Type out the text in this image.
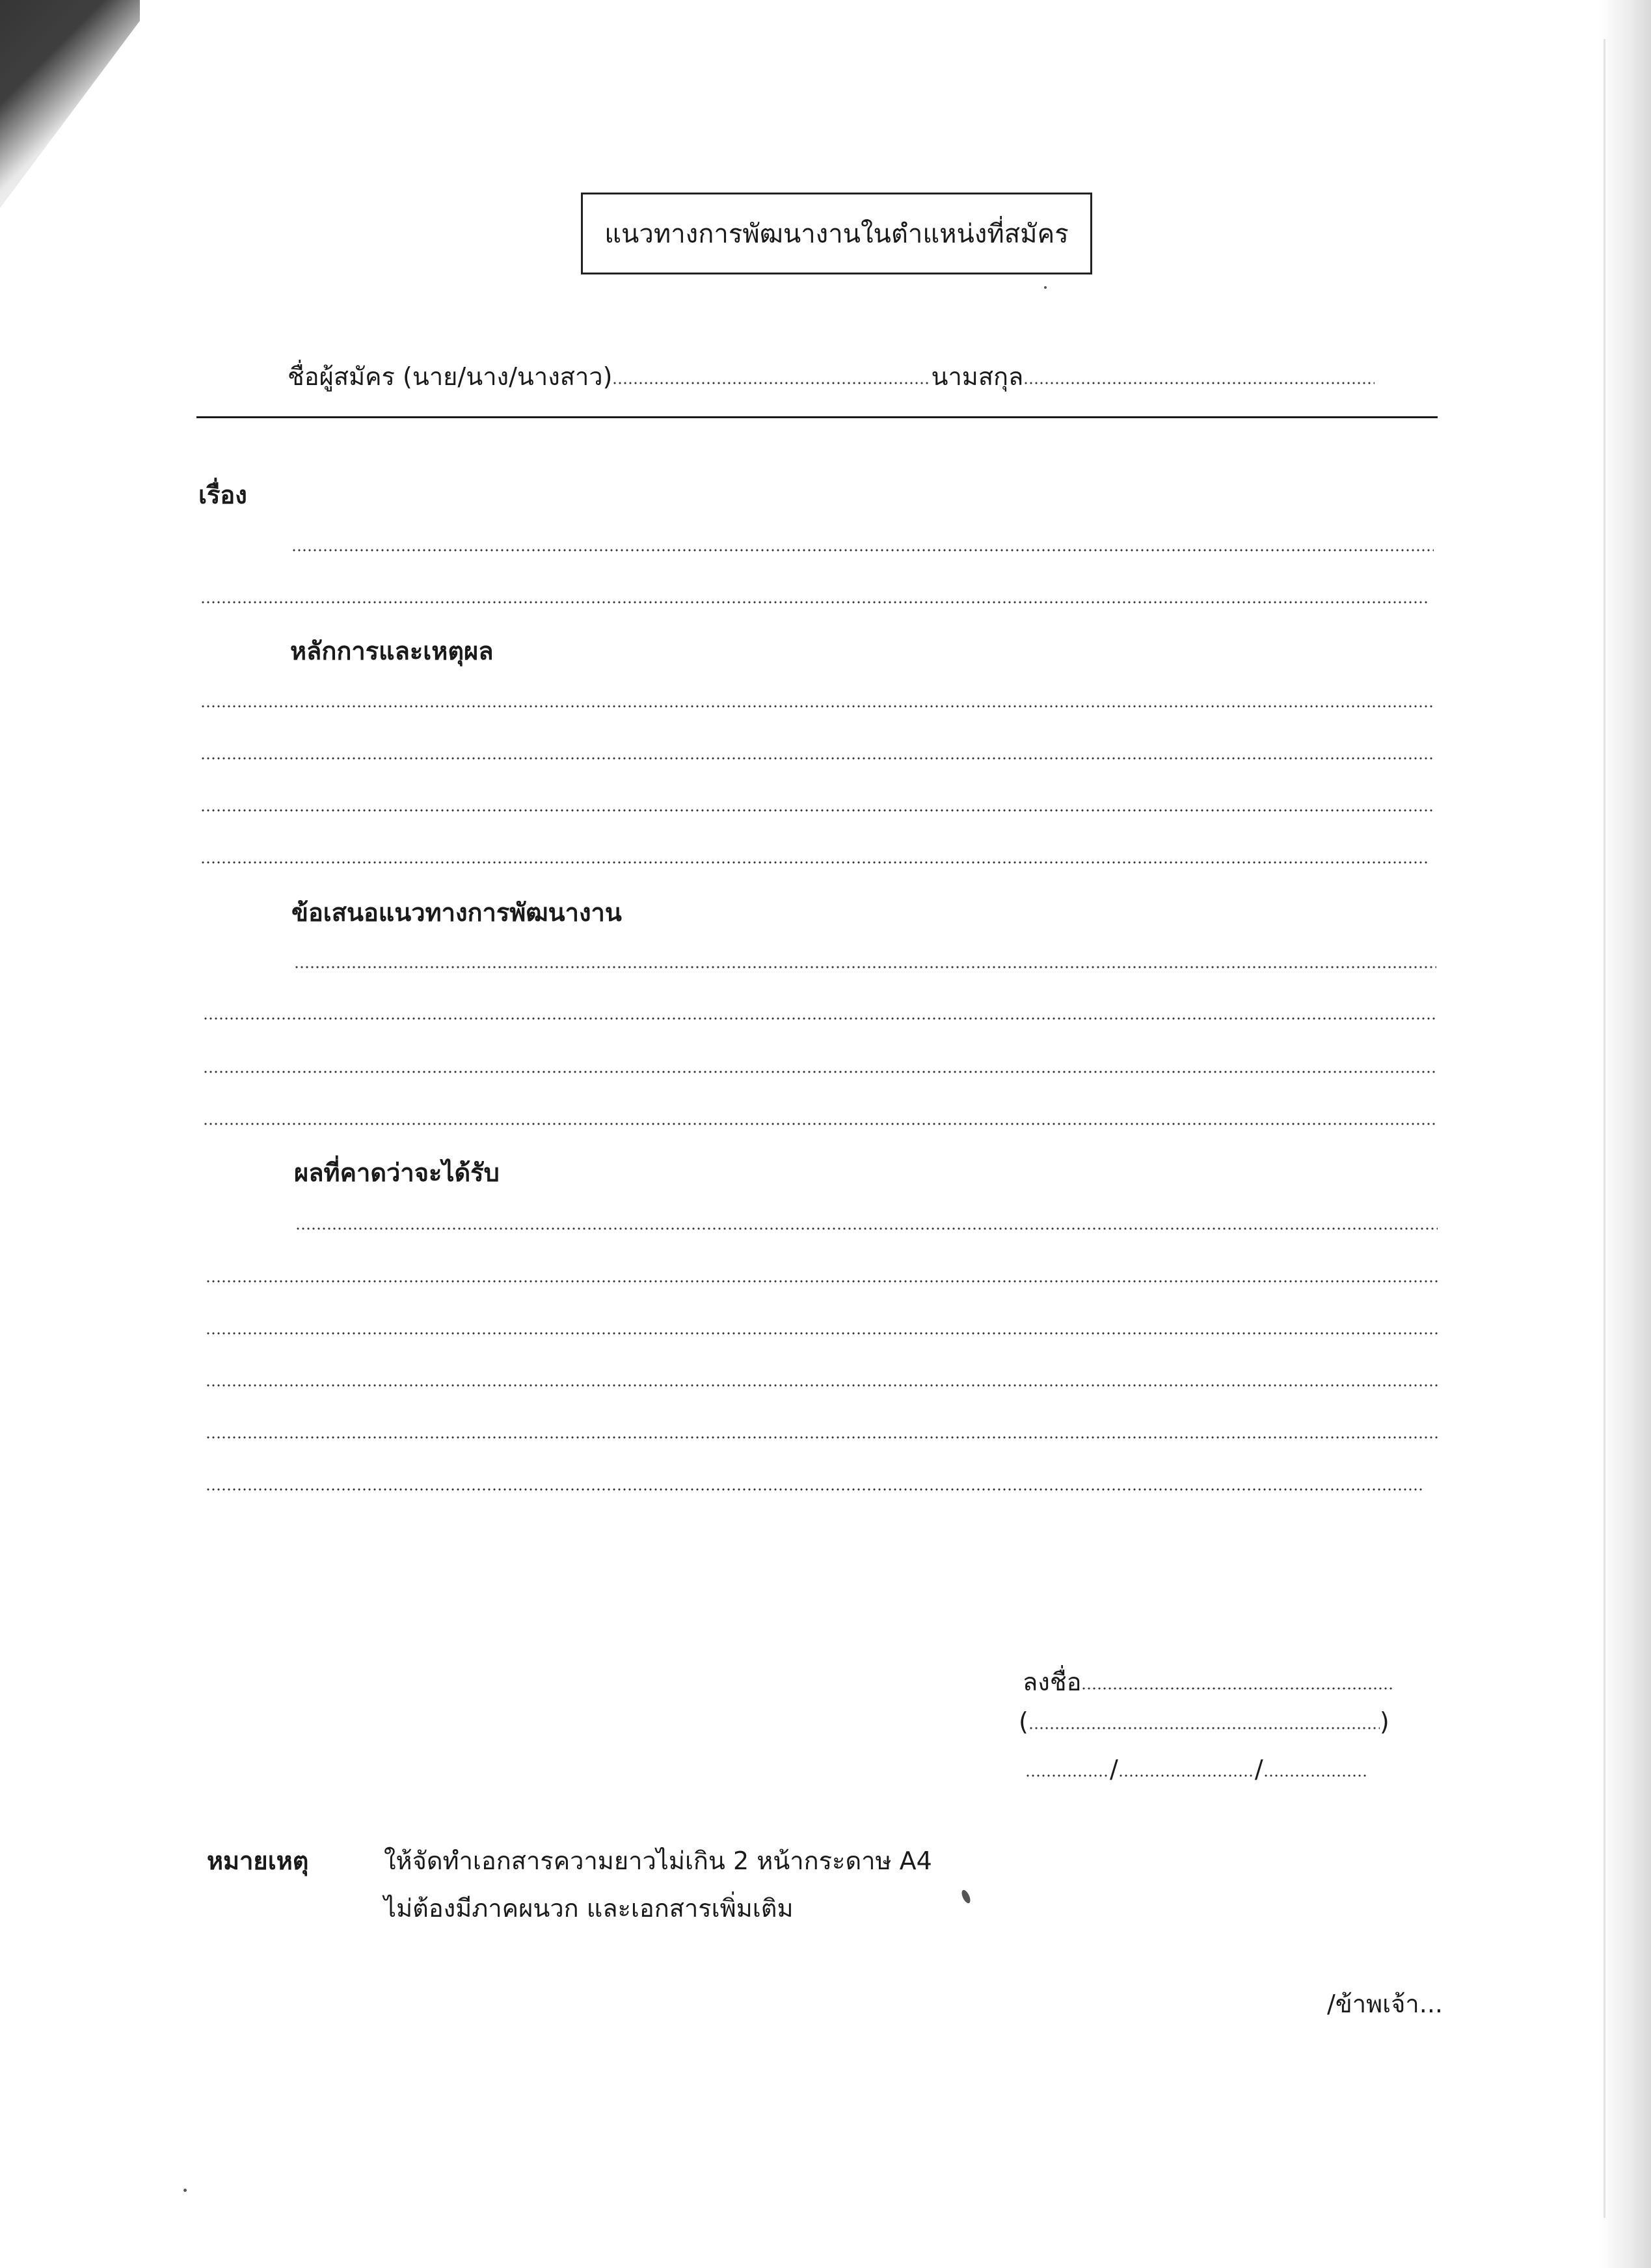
แนวทางการพัฒนางานในตำแหน่งที่สมัคร
ชื่อผู้สมัคร (นาย/นาง/นางสาว)	นามสกุล
เรื่อง
หลักการและเหตุผล
ข้อเสนอแนวทางการพัฒนางาน
ผลที่คาดว่าจะได้รับ
ลงชื่อ
(	)
/	/
หมายเหตุ	ให้จัดทำเอกสารความยาวไม่เกิน 2 หน้ากระดาษ A4
ไม่ต้องมีภาคผนวก และเอกสารเพิ่มเติม
/ข้าพเจ้า...
